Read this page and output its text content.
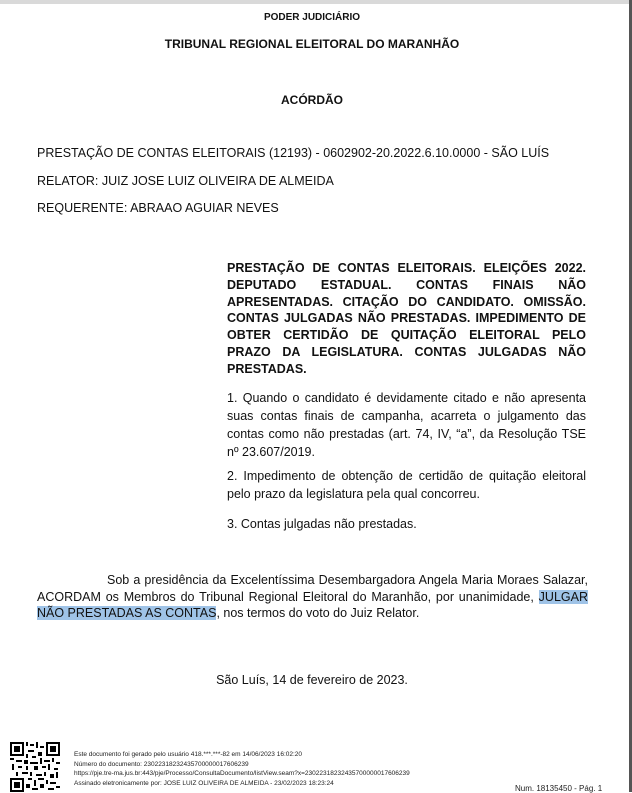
PODER JUDICIÁRIO
TRIBUNAL REGIONAL ELEITORAL DO MARANHÃO
ACÓRDÃO
PRESTAÇÃO DE CONTAS ELEITORAIS (12193) - 0602902-20.2022.6.10.0000 - SÃO LUÍS
RELATOR: JUIZ JOSE LUIZ OLIVEIRA DE ALMEIDA
REQUERENTE: ABRAAO AGUIAR NEVES
PRESTAÇÃO DE CONTAS ELEITORAIS. ELEIÇÕES 2022. DEPUTADO ESTADUAL. CONTAS FINAIS NÃO APRESENTADAS. CITAÇÃO DO CANDIDATO. OMISSÃO. CONTAS JULGADAS NÃO PRESTADAS. IMPEDIMENTO DE OBTER CERTIDÃO DE QUITAÇÃO ELEITORAL PELO PRAZO DA LEGISLATURA. CONTAS JULGADAS NÃO PRESTADAS.
1. Quando o candidato é devidamente citado e não apresenta suas contas finais de campanha, acarreta o julgamento das contas como não prestadas (art. 74, IV, “a”, da Resolução TSE nº 23.607/2019.
2. Impedimento de obtenção de certidão de quitação eleitoral pelo prazo da legislatura pela qual concorreu.
3. Contas julgadas não prestadas.
Sob a presidência da Excelentíssima Desembargadora Angela Maria Moraes Salazar, ACORDAM os Membros do Tribunal Regional Eleitoral do Maranhão, por unanimidade, JULGAR NÃO PRESTADAS AS CONTAS, nos termos do voto do Juiz Relator.
São Luís, 14 de fevereiro de 2023.
Este documento foi gerado pelo usuário 418.***.***-82 em 14/06/2023 16:02:20
Número do documento: 23022318232435700000017606239
https://pje.tre-ma.jus.br:443/pje/Processo/ConsultaDocumento/listView.seam?x=23022318232435700000017606239
Assinado eletronicamente por: JOSE LUIZ OLIVEIRA DE ALMEIDA - 23/02/2023 18:23:24
Num. 18135450 - Pág. 1
